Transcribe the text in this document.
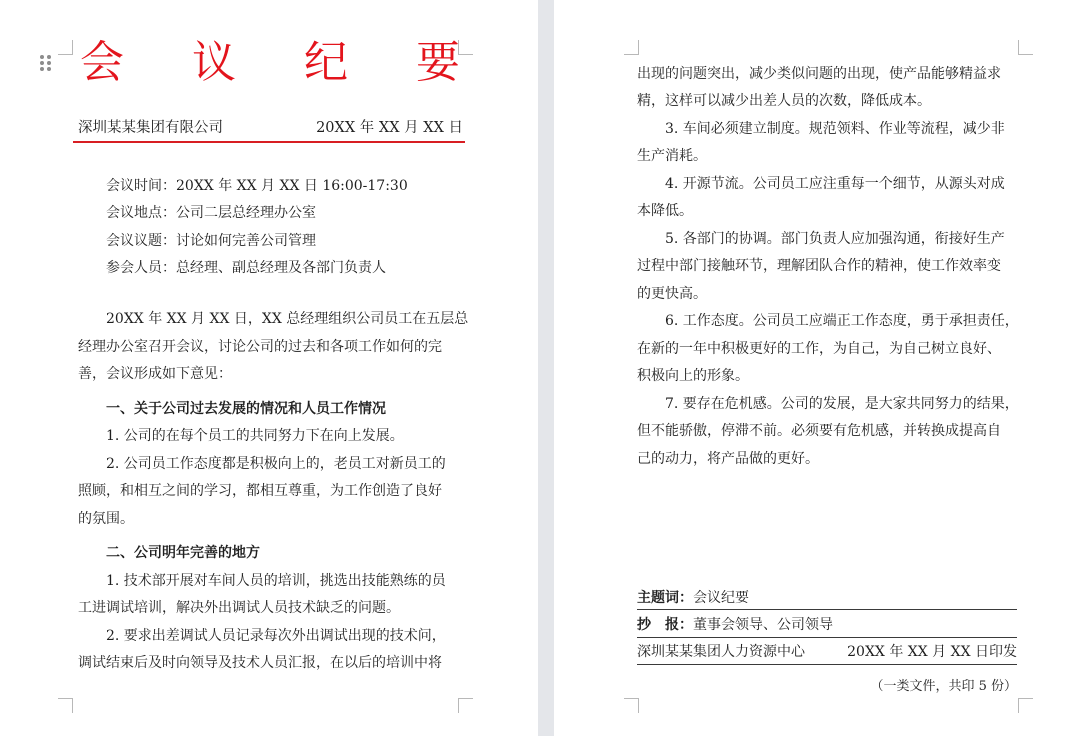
会 议 纪 要
深圳某某集团有限公司	20XX 年 XX 月 XX 日
会议时间：20XX 年 XX 月 XX 日 16:00-17:30
会议地点：公司二层总经理办公室
会议议题：讨论如何完善公司管理
参会人员：总经理、副总经理及各部门负责人
20XX 年 XX 月 XX 日，XX 总经理组织公司员工在五层总
经理办公室召开会议，讨论公司的过去和各项工作如何的完
善，会议形成如下意见：
一、关于公司过去发展的情况和人员工作情况
1. 公司的在每个员工的共同努力下在向上发展。
2. 公司员工作态度都是积极向上的，老员工对新员工的
照顾，和相互之间的学习，都相互尊重，为工作创造了良好
的氛围。
二、公司明年完善的地方
1. 技术部开展对车间人员的培训，挑选出技能熟练的员
工进调试培训，解决外出调试人员技术缺乏的问题。
2. 要求出差调试人员记录每次外出调试出现的技术问，
调试结束后及时向领导及技术人员汇报，在以后的培训中将
出现的问题突出，减少类似问题的出现，使产品能够精益求
精，这样可以减少出差人员的次数，降低成本。
3. 车间必须建立制度。规范领料、作业等流程，减少非
生产消耗。
4. 开源节流。公司员工应注重每一个细节，从源头对成
本降低。
5. 各部门的协调。部门负责人应加强沟通，衔接好生产
过程中部门接触环节，理解团队合作的精神，使工作效率变
的更快高。
6. 工作态度。公司员工应端正工作态度，勇于承担责任，
在新的一年中积极更好的工作，为自己，为自己树立良好、
积极向上的形象。
7. 要存在危机感。公司的发展，是大家共同努力的结果，
但不能骄傲，停滞不前。必须要有危机感，并转换成提高自
己的动力，将产品做的更好。
主题词： 会议纪要
抄　报： 董事会领导、公司领导
深圳某某集团人力资源中心	20XX 年 XX 月 XX 日印发
（一类文件，共印 5 份）
